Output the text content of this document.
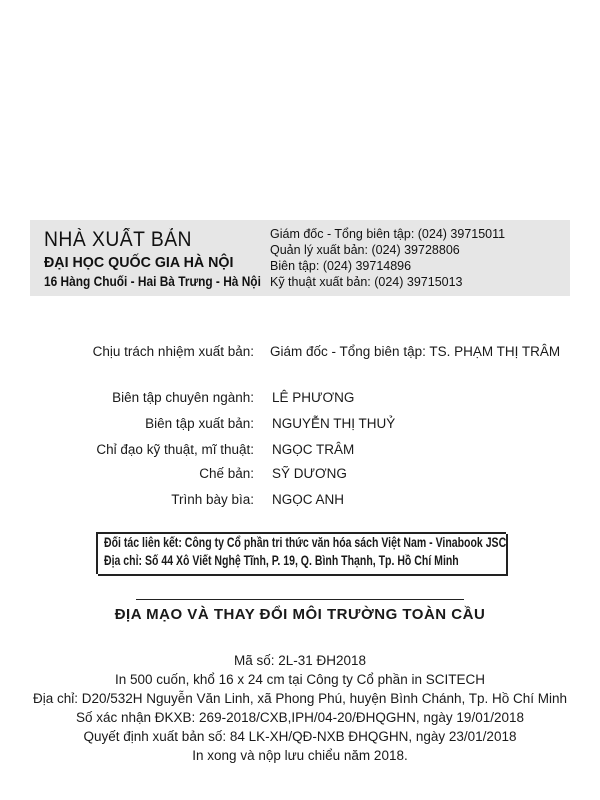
NHÀ XUẤT BẢN
ĐẠI HỌC QUỐC GIA HÀ NỘI
16 Hàng Chuối - Hai Bà Trưng - Hà Nội
Giám đốc - Tổng biên tập: (024) 39715011
Quản lý xuất bản: (024) 39728806
Biên tập: (024) 39714896
Kỹ thuật xuất bản: (024) 39715013
Chịu trách nhiệm xuất bản: Giám đốc - Tổng biên tập: TS. PHẠM THỊ TRÂM
Biên tập chuyên ngành: LÊ PHƯƠNG
Biên tập xuất bản: NGUYỄN THỊ THUỶ
Chỉ đạo kỹ thuật, mĩ thuật: NGỌC TRÂM
Chế bản: SỸ DƯƠNG
Trình bày bìa: NGỌC ANH
Đối tác liên kết: Công ty Cổ phần tri thức văn hóa sách Việt Nam - Vinabook JSC
Địa chỉ: Số 44 Xô Viết Nghệ Tĩnh, P. 19, Q. Bình Thạnh, Tp. Hồ Chí Minh
ĐỊA MẠO VÀ THAY ĐỔI MÔI TRƯỜNG TOÀN CẦU
Mã số: 2L-31 ĐH2018
In 500 cuốn, khổ 16 x 24 cm tại Công ty Cổ phần in SCITECH
Địa chỉ: D20/532H Nguyễn Văn Linh, xã Phong Phú, huyện Bình Chánh, Tp. Hồ Chí Minh
Số xác nhận ĐKXB: 269-2018/CXB,IPH/04-20/ĐHQGHN, ngày 19/01/2018
Quyết định xuất bản số: 84 LK-XH/QĐ-NXB ĐHQGHN, ngày 23/01/2018
In xong và nộp lưu chiểu năm 2018.
